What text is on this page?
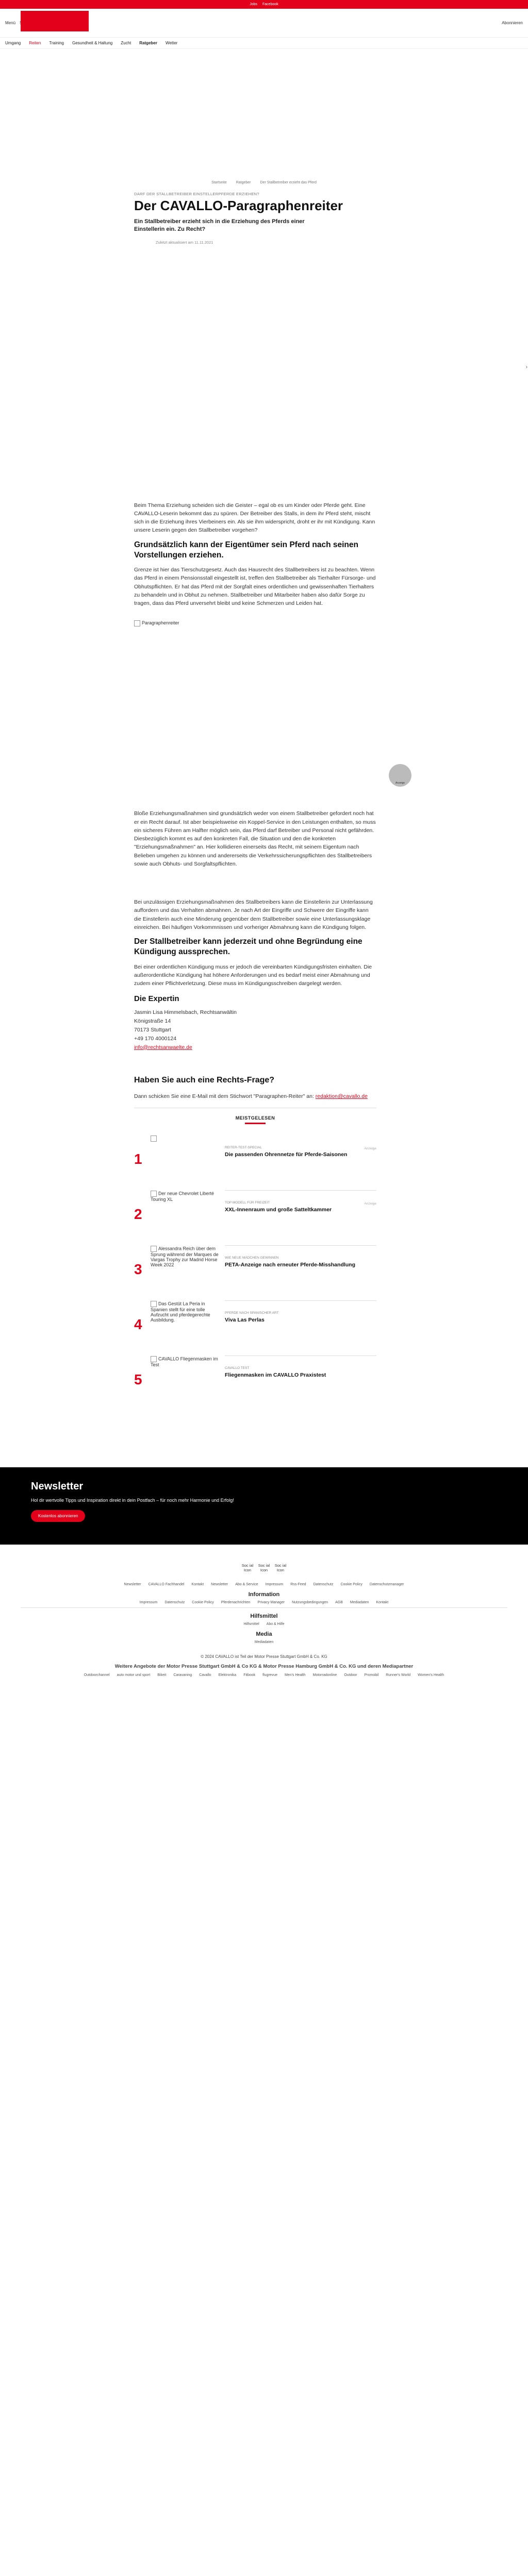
Jobs Facebook
Menü	Abonnieren
Umgang Reiten Training Gesundheit & Haltung Zucht Ratgeber Wetter
Startseite	Ratgeber	Der Stallbetreiber erzieht das Pferd
DARF DER STALLBETREIBER EINSTELLERPFERDE ERZIEHEN?
Der CAVALLO-Paragraphenreiter
Ein Stallbetreiber erzieht sich in die Erziehung des Pferds einer Einstellerin ein. Zu Recht?
Zuletzt aktualisiert am 11.11.2021
›

Beim Thema Erziehung scheiden sich die Geister – egal ob es um Kinder oder Pferde geht. Eine CAVALLO-Leserin bekommt das zu spüren. Der Betreiber des Stalls, in dem ihr Pferd steht, mischt sich in die Erziehung ihres Vierbeiners ein. Als sie ihm widerspricht, droht er ihr mit Kündigung. Kann unsere Leserin gegen den Stallbetreiber vorgehen?

Grundsätzlich kann der Eigentümer sein Pferd nach seinen Vorstellungen erziehen.

Grenze ist hier das Tierschutzgesetz. Auch das Hausrecht des Stallbetreibers ist zu beachten. Wenn das Pferd in einem Pensionsstall eingestellt ist, treffen den Stallbetreiber als Tierhalter Fürsorge- und Obhutspflichten. Er hat das Pferd mit der Sorgfalt eines ordentlichen und gewissenhaften Tierhalters zu behandeln und in Obhut zu nehmen. Stallbetreiber und Mitarbeiter haben also dafür Sorge zu tragen, dass das Pferd unversehrt bleibt und keine Schmerzen und Leiden hat.

Paragraphenreiter
Anzeige

Bloße Erziehungsmaßnahmen sind grundsätzlich weder von einem Stallbetreiber gefordert noch hat er ein Recht darauf. Ist aber beispielsweise ein Koppel-Service in den Leistungen enthalten, so muss ein sicheres Führen am Halfter möglich sein, das Pferd darf Betreiber und Personal nicht gefährden. Diesbezüglich kommt es auf den konkreten Fall, die Situation und den die konkreten "Erziehungsmaßnahmen" an. Hier kollidieren einerseits das Recht, mit seinem Eigentum nach Belieben umgehen zu können und andererseits die Verkehrssicherungspflichten des Stallbetreibers sowie auch Obhuts- und Sorgfaltspflichten.

Bei unzulässigen Erziehungsmaßnahmen des Stallbetreibers kann die Einstellerin zur Unterlassung auffordern und das Verhalten abmahnen. Je nach Art der Eingriffe und Schwere der Eingriffe kann die Einstellerin auch eine Minderung gegenüber dem Stallbetreiber sowie eine Unterlassungsklage einreichen. Bei häufigen Vorkommnissen und vorheriger Abmahnung kann die Kündigung folgen.

Der Stallbetreiber kann jederzeit und ohne Begründung eine Kündigung aussprechen.

Bei einer ordentlichen Kündigung muss er jedoch die vereinbarten Kündigungsfristen einhalten. Die außerordentliche Kündigung hat höhere Anforderungen und es bedarf meist einer Abmahnung und zudem einer Pflichtverletzung. Diese muss im Kündigungsschreiben dargelegt werden.

Die Expertin
Jasmin Lisa Himmelsbach, Rechtsanwältin
Königstraße 14
70173 Stuttgart
+49 170 4000124
info@rechtsanwaelte.de
Haben Sie auch eine Rechts-Frage?

Dann schicken Sie eine E-Mail mit dem Stichwort "Paragraphen-Reiter" an: redaktion@cavallo.de

MEISTGELESEN
1
REITER-TEST-SPECIAL
Die passenden Ohrennetze für Pferde-Saisonen
Anzeige
2
Der neue Chevrolet Liberté Touring XL
TOP MODELL FÜR FREIZEIT
XXL-Innenraum und große Satteltkammer
Anzeige
3
Alessandra Reich über dem Sprung während der Marques de Vargas Trophy zur Madrid Horse Week 2022
WIE NEUE MÄDCHEN GEWINNEN
PETA-Anzeige nach erneuter Pferde-Misshandlung
4
Das Gestüt La Peria in Spanien stellt für eine tolle Aufzucht und pferdegerechte Ausbildung.
PFERDE NACH SPANISCHER ART
Viva Las Perlas
5
CAVALLO Fliegenmasken im Test
CAVALLO TEST
Fliegenmasken im CAVALLO Praxistest
Newsletter

Hol dir wertvolle Tipps und Inspiration direkt in dein Postfach – für noch mehr Harmonie und Erfolg!

Kostenlos abonnieren
Soc ial Icon
Soc ial Icon
Soc ial Icon
Newsletter CAVALLO Fachhandel Kontakt Newsletter Abo & Service Impressum Rss-Feed Datenschutz Cookie Policy Datenschutzmanager
Information
Impressum Datenschutz Cookie Policy Pferdenachrichten Privacy Manager Nutzungsbedingungen AGB Mediadaten Kontakt
Hilfsmittel
Hilfsmittel Abo & Hilfe
Media
Mediadaten
© 2024 CAVALLO ist Teil der Motor Presse Stuttgart GmbH & Co. KG
Weitere Angebote der Motor Presse Stuttgart GmbH & Co KG & Motor Presse Hamburg GmbH & Co. KG und deren Mediapartner
Outdoorchannel auto motor und sport Bikeit Caravaning Cavallo Elektronika Fitbook flugrevue Men's Health Motorradonline Outdoor Promobil Runner's World Women's Health
